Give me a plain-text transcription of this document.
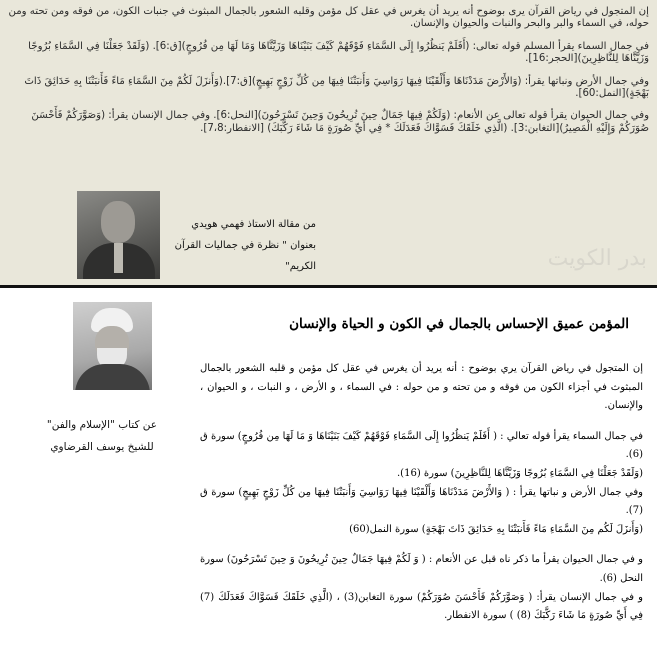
إن المتجول في رياض القرآن يرى بوضوح أنه يريد أن يغرس في عقل كل مؤمن وقلبه الشعور بالجمال المبثوث في جنبات الكون، من فوقه ومن تحته ومن حوله، في السماء والبر والبحر والنبات والحيوان والإنسان.

في جمال السماء يقرأ المسلم قوله تعالى: (أَفَلَمْ يَنظُرُوا إِلَى السَّمَاءِ فَوْقَهُمْ كَيْفَ بَنَيْنَاهَا وَزَيَّنَّاهَا وَمَا لَهَا مِن فُرُوجٍ)[ق:6]. (وَلَقَدْ جَعَلْنَا فِي السَّمَاءِ بُرُوجًا وَزَيَّنَّاهَا لِلنَّاظِرِينَ)[الحجر:16].

وفي جمال الأرض ونباتها يقرأ: (وَالأَرْضَ مَدَدْنَاهَا وَأَلْقَيْنَا فِيهَا رَوَاسِيَ وَأَنبَتْنَا فِيهَا مِن كُلِّ زَوْجٍ بَهِيجٍ)[ق:7].(وَأَنزَلَ لَكُمْ مِنَ السَّمَاءِ مَاءً فَأَنبَتْنَا بِهِ حَدَائِقَ ذَاتَ بَهْجَةٍ)[النمل:60].

وفي جمال الحيوان يقرأ قوله تعالى عن الأنعام: (وَلَكُمْ فِيهَا جَمَالٌ حِينَ تُرِيحُونَ وَحِينَ تَسْرَحُونَ)[النحل:6]. وفي جمال الإنسان يقرأ: (وَصَوَّرَكُمْ فَأَحْسَنَ صُوَرَكُمْ وَإِلَيْهِ الْمَصِيرُ)[التغابن:3]. (الَّذِي خَلَقَكَ فَسَوَّاكَ فَعَدَلَكَ * فِي أَيِّ صُورَةٍ مَا شَاءَ رَكَّبَكَ) [الانفطار:7،8].

من مقالة الاستاذ فهمي هويدي
بعنوان " نظرة في جماليات القرآن الكريم"	بدر الكويت
عن كتاب "الإسلام والفن"
للشيخ يوسف القرضاوي
المؤمن عميق الإحساس بالجمال في الكون و الحياة والإنسان

إن المتجول في رياض القرآن يري بوضوح : أنه يريد أن يغرس في عقل كل مؤمن و قلبه الشعور بالجمال المبثوث في أجزاء الكون من فوقه و من تحته و من حوله : في السماء ، و الأرض ، و النبات ، و الحيوان ، والإنسان.

في جمال السماء يقرأ قوله تعالي : ( أَفَلَمْ يَنظُرُوا إِلَى السَّمَاءِ فَوْقَهُمْ كَيْفَ بَنَيْنَاهَا وَ مَا لَهَا مِن فُرُوجٍ) سورة ق (6).

(وَلَقَدْ جَعَلْنَا فِي السَّمَاءِ بُرُوجًا وَزَيَّنَّاهَا لِلنَّاظِرِينَ) سورة (16).

وفي جمال الأرض و نباتها يقرأ : ( وَالأَرْضَ مَدَدْنَاهَا وَأَلْقَيْنَا فِيهَا رَوَاسِيَ وَأَنبَتْنَا فِيهَا مِن كُلِّ زَوْجٍ بَهِيجٍ) سورة ق (7).

(وَأَنزَلَ لَكُم مِنَ السَّمَاءِ مَاءً فَأَنبَتْنَا بِهِ حَدَائِقَ ذَاتَ بَهْجَةٍ) سورة النمل(60)

و في جمال الحيوان يقرأ ما ذكر ناه قبل عن الأنعام : ( وَ لَكُمْ فِيهَا جَمَالٌ حِينَ تُرِيحُونَ وَ حِينَ تَسْرَحُونَ) سورة النحل (6).

و في جمال الإنسان يقرأ: ( وَصَوَّرَكُمْ فَأَحْسَنَ صُوَرَكُمْ) سورة التغابن(3) ، (الَّذِي خَلَقَكَ فَسَوَّاكَ فَعَدَلَكَ (7) فِي أَيِّ صُورَةٍ مَا شَاءَ رَكَّبَكَ (8) ) سورة الانفطار.
